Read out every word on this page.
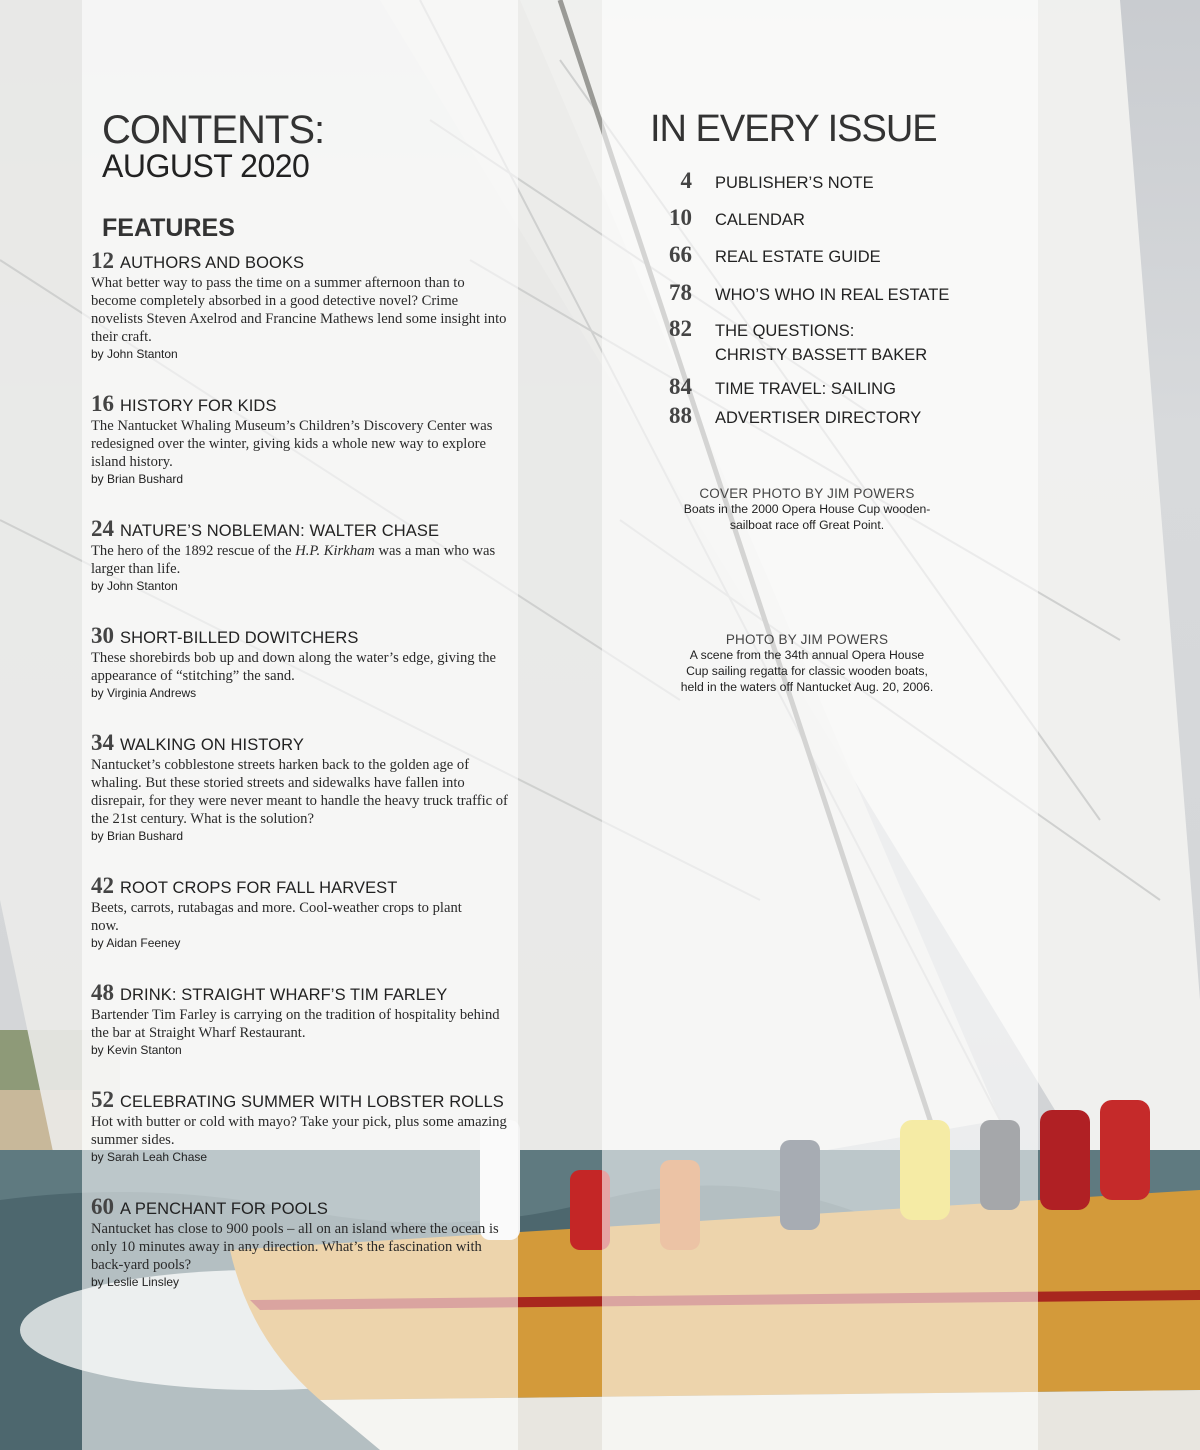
CONTENTS:
AUGUST 2020
FEATURES
12 AUTHORS AND BOOKS

What better way to pass the time on a summer afternoon than to become completely absorbed in a good detective novel? Crime novelists Steven Axelrod and Francine Mathews lend some insight into their craft.

by John Stanton
16 HISTORY FOR KIDS

The Nantucket Whaling Museum’s Children’s Discovery Center was redesigned over the winter, giving kids a whole new way to explore island history.

by Brian Bushard
24 NATURE’S NOBLEMAN: WALTER CHASE

The hero of the 1892 rescue of the H.P. Kirkham was a man who was larger than life.

by John Stanton
30 SHORT-BILLED DOWITCHERS

These shorebirds bob up and down along the water’s edge, giving the appearance of “stitching” the sand.

by Virginia Andrews
34 WALKING ON HISTORY

Nantucket’s cobblestone streets harken back to the golden age of whaling. But these storied streets and sidewalks have fallen into disrepair, for they were never meant to handle the heavy truck traffic of the 21st century. What is the solution?

by Brian Bushard
42 ROOT CROPS FOR FALL HARVEST

Beets, carrots, rutabagas and more. Cool-weather crops to plant now.

by Aidan Feeney
48 DRINK: STRAIGHT WHARF’S TIM FARLEY

Bartender Tim Farley is carrying on the tradition of hospitality behind the bar at Straight Wharf Restaurant.

by Kevin Stanton
52 CELEBRATING SUMMER WITH LOBSTER ROLLS

Hot with butter or cold with mayo? Take your pick, plus some amazing summer sides.

by Sarah Leah Chase
60 A PENCHANT FOR POOLS

Nantucket has close to 900 pools – all on an island where the ocean is only 10 minutes away in any direction. What’s the fascination with back-yard pools?

by Leslie Linsley
IN EVERY ISSUE
4 PUBLISHER’S NOTE
10 CALENDAR
66 REAL ESTATE GUIDE
78 WHO’S WHO IN REAL ESTATE
82 THE QUESTIONS:
CHRISTY BASSETT BAKER
84 TIME TRAVEL: SAILING
88 ADVERTISER DIRECTORY
COVER PHOTO BY JIM POWERS
Boats in the 2000 Opera House Cup wooden-sailboat race off Great Point.
PHOTO BY JIM POWERS
A scene from the 34th annual Opera House Cup sailing regatta for classic wooden boats, held in the waters off Nantucket Aug. 20, 2006.
